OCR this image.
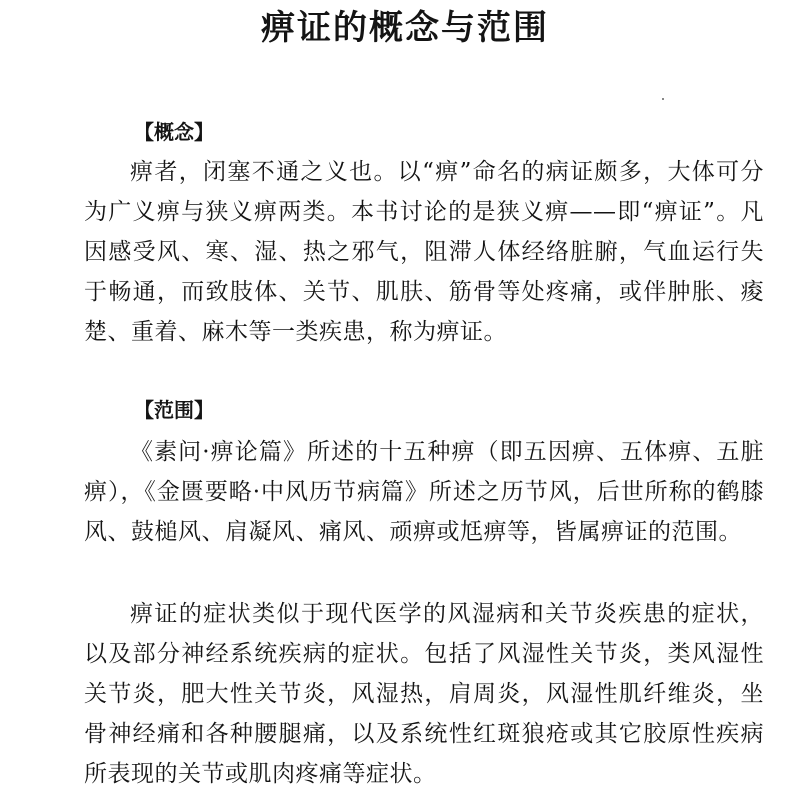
痹证的概念与范围
【概念】

痹者，闭塞不通之义也。以“痹”命名的病证颇多，大体可分为广义痹与狭义痹两类。本书讨论的是狭义痹——即“痹证”。凡因感受风、寒、湿、热之邪气，阻滞人体经络脏腑，气血运行失于畅通，而致肢体、关节、肌肤、筋骨等处疼痛，或伴肿胀、痠楚、重着、麻木等一类疾患，称为痹证。

【范围】

《素问·痹论篇》所述的十五种痹（即五因痹、五体痹、五脏痹），《金匮要略·中风历节病篇》所述之历节风，后世所称的鹤膝风、鼓槌风、肩凝风、痛风、顽痹或尪痹等，皆属痹证的范围。

痹证的症状类似于现代医学的风湿病和关节炎疾患的症状，以及部分神经系统疾病的症状。包括了风湿性关节炎，类风湿性关节炎，肥大性关节炎，风湿热，肩周炎，风湿性肌纤维炎，坐骨神经痛和各种腰腿痛，以及系统性红斑狼疮或其它胶原性疾病所表现的关节或肌肉疼痛等症状。
